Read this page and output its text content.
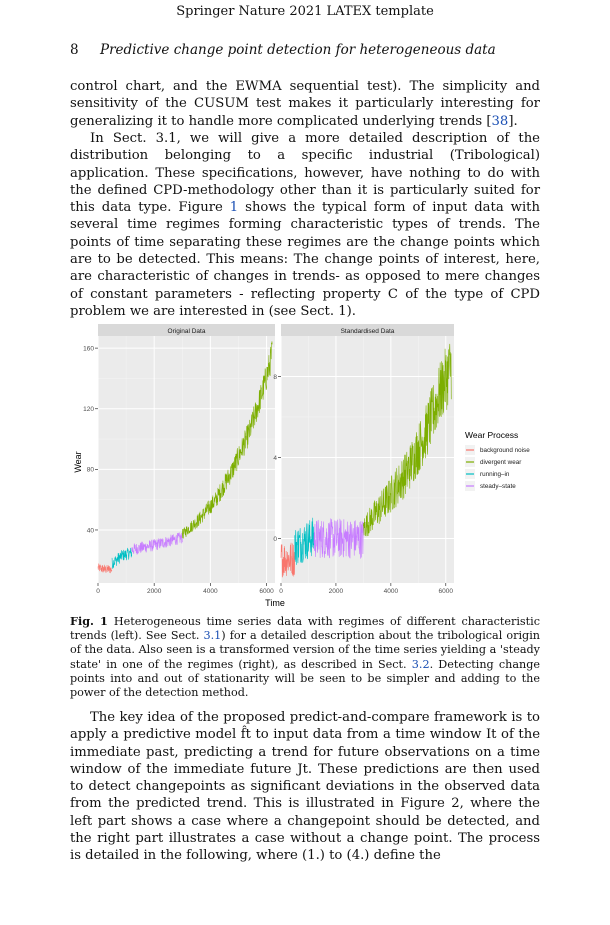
Springer Nature 2021 LATEX template
8 Predictive change point detection for heterogeneous data

control chart, and the EWMA sequential test). The simplicity and sensitivity of the CUSUM test makes it particularly interesting for generalizing it to handle more complicated underlying trends [38].

In Sect. 3.1, we will give a more detailed description of the distribution belonging to a specific industrial (Tribological) application. These specifications, however, have nothing to do with the defined CPD-methodology other than it is particularly suited for this data type. Figure 1 shows the typical form of input data with several time regimes forming characteristic types of trends. The points of time separating these regimes are the change points which are to be detected. This means: The change points of interest, here, are characteristic of changes in trends- as opposed to mere changes of constant parameters - reflecting property C of the type of CPD problem we are interested in (see Sect. 1).

Original Data
0	2000	4000	6000
40
80
120
160
Standardised Data
0	2000	4000	6000
0
4
8
Time
Wear
Wear Process
background noise
divergent wear
running–in
steady–state

Fig. 1 Heterogeneous time series data with regimes of different characteristic trends (left). See Sect. 3.1) for a detailed description about the tribological origin of the data. Also seen is a transformed version of the time series yielding a 'steady state' in one of the regimes (right), as described in Sect. 3.2. Detecting change points into and out of stationarity will be seen to be simpler and adding to the power of the detection method.

The key idea of the proposed predict-and-compare framework is to apply a predictive model f̂t to input data from a time window It of the immediate past, predicting a trend for future observations on a time window of the immediate future Jt. These predictions are then used to detect changepoints as significant deviations in the observed data from the predicted trend. This is illustrated in Figure 2, where the left part shows a case where a changepoint should be detected, and the right part illustrates a case without a change point. The process is detailed in the following, where (1.) to (4.) define the
